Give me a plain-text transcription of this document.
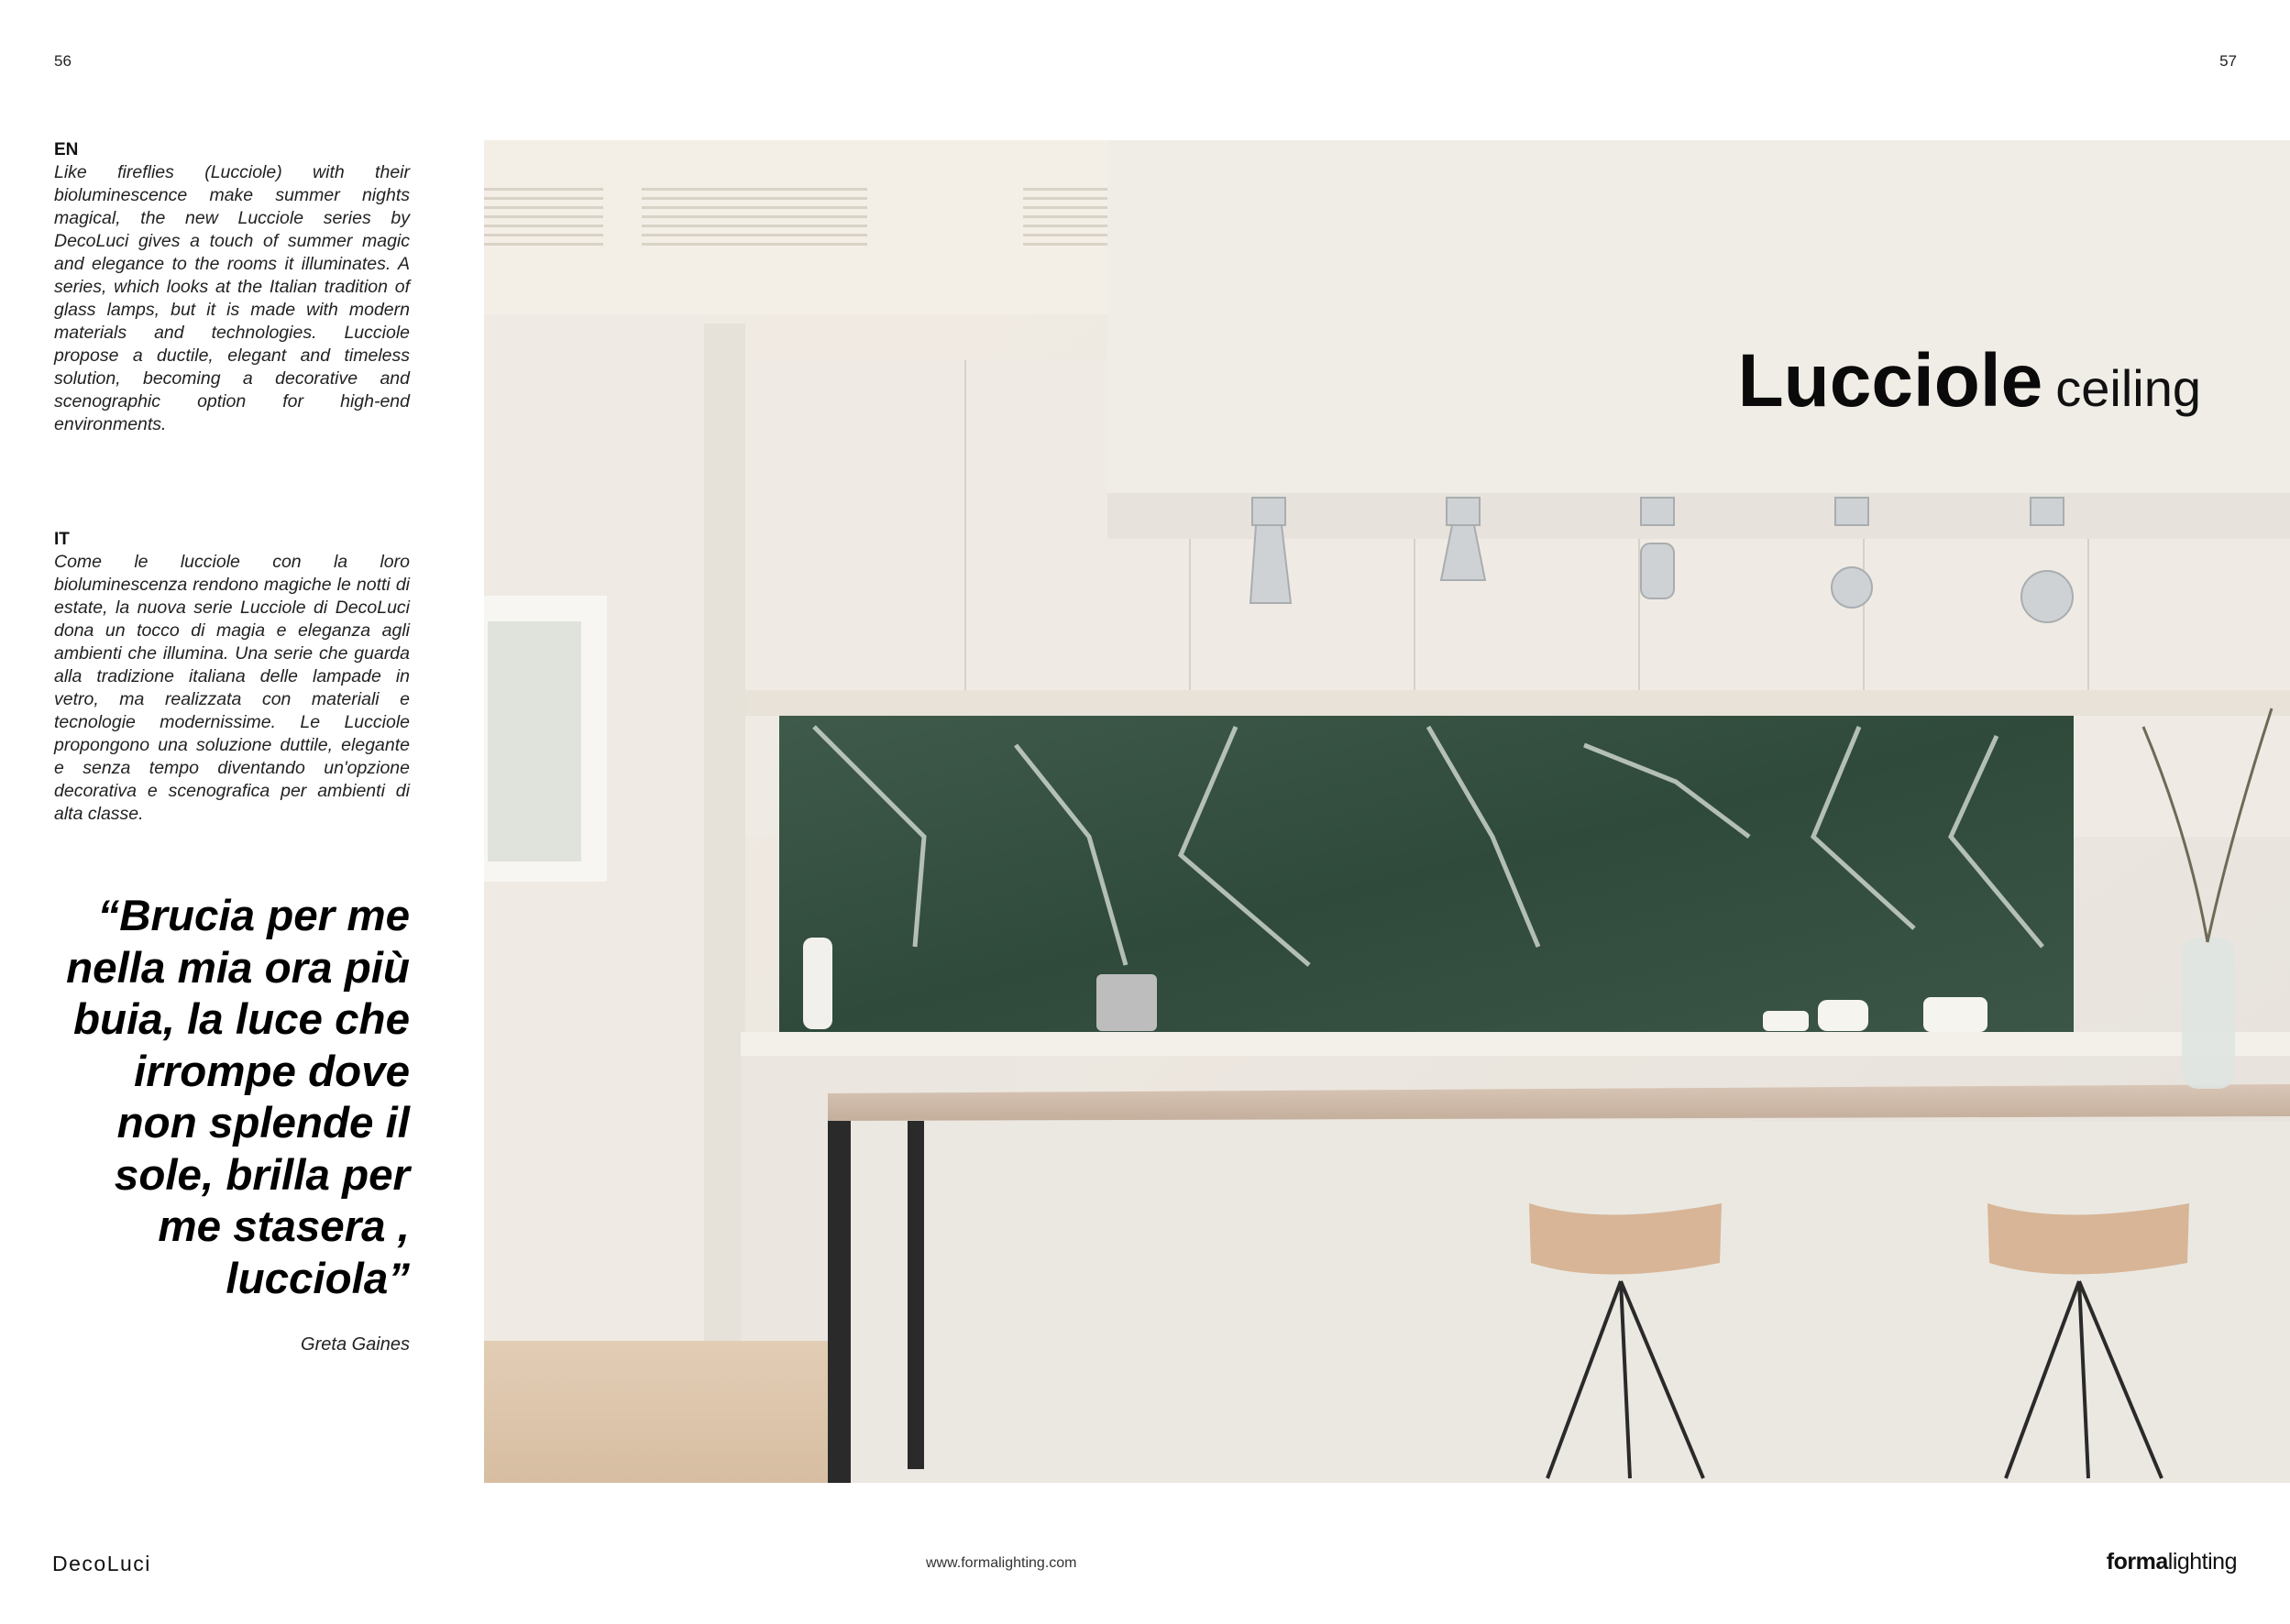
56	57

EN

Like fireflies (Lucciole) with their bioluminescence make summer nights magical, the new Lucciole series by DecoLuci gives a touch of summer magic and elegance to the rooms it illuminates. A series, which looks at the Italian tradition of glass lamps, but it is made with modern materials and technologies. Lucciole propose a ductile, elegant and timeless solution, becoming a decorative and scenographic option for high-end environments.

IT

Come le lucciole con la loro bioluminescenza rendono magiche le notti di estate, la nuova serie Lucciole di DecoLuci dona un tocco di magia e eleganza agli ambienti che illumina. Una serie che guarda alla tradizione italiana delle lampade in vetro, ma realizzata con materiali e tecnologie modernissime. Le Lucciole propongono una soluzione duttile, elegante e senza tempo diventando un'opzione decorativa e scenografica per ambienti di alta classe.

“Brucia per me
nella mia ora più
buia, la luce che
irrompe dove
non splende il
sole, brilla per
me stasera ,
lucciola”
Greta Gaines
Lucciole ceiling
DecoLuci	www.formalighting.com	formalighting
